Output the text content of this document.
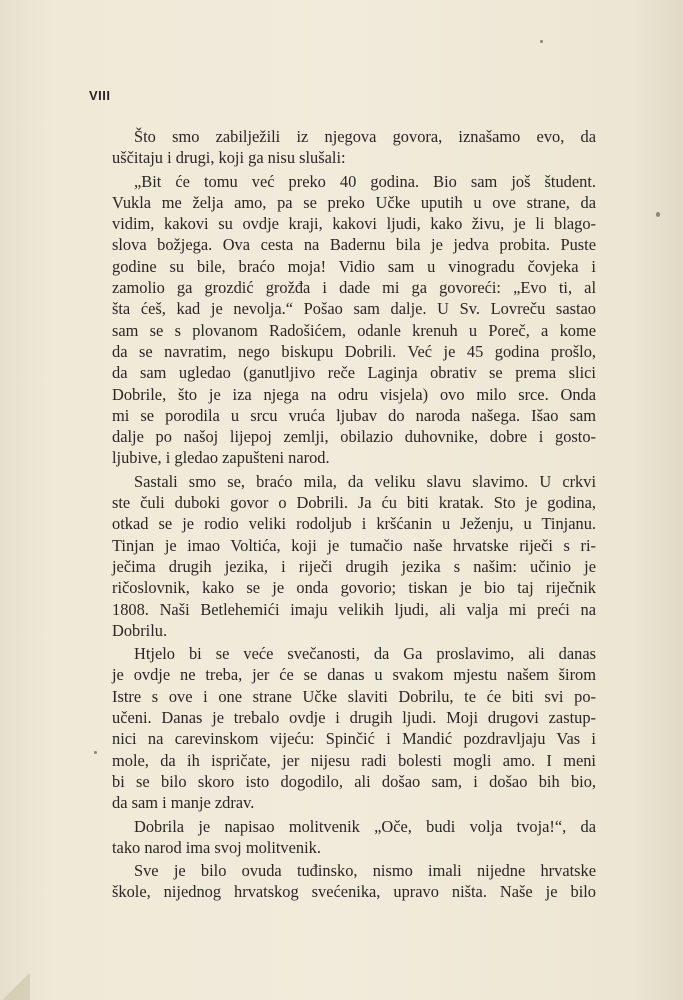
VIII

Što smo zabilježili iz njegova govora, iznašamo evo, da
uščitaju i drugi, koji ga nisu slušali:

„Bit će tomu već preko 40 godina. Bio sam još študent.
Vukla me želja amo, pa se preko Učke uputih u ove strane, da
vidim, kakovi su ovdje kraji, kakovi ljudi, kako živu, je li blago-
slova božjega. Ova cesta na Badernu bila je jedva probita. Puste
godine su bile, braćo moja! Vidio sam u vinogradu čovjeka i
zamolio ga grozdić grožđa i dade mi ga govoreći: „Evo ti, al
šta ćeš, kad je nevolja.“ Pošao sam dalje. U Sv. Lovreču sastao
sam se s plovanom Radošićem, odanle krenuh u Poreč, a kome
da se navratim, nego biskupu Dobrili. Već je 45 godina prošlo,
da sam ugledao (ganutljivo reče Laginja obrativ se prema slici
Dobrile, što je iza njega na odru visjela) ovo milo srce. Onda
mi se porodila u srcu vruća ljubav do naroda našega. Išao sam
dalje po našoj lijepoj zemlji, obilazio duhovnike, dobre i gosto-
ljubive, i gledao zapušteni narod.

Sastali smo se, braćo mila, da veliku slavu slavimo. U crkvi
ste čuli duboki govor o Dobrili. Ja ću biti kratak. Sto je godina,
otkad se je rodio veliki rodoljub i kršćanin u Ježenju, u Tinjanu.
Tinjan je imao Voltića, koji je tumačio naše hrvatske riječi s ri-
ječima drugih jezika, i riječi drugih jezika s našim: učinio je
ričoslovnik, kako se je onda govorio; tiskan je bio taj riječnik
1808. Naši Betlehemići imaju velikih ljudi, ali valja mi preći na
Dobrilu.

Htjelo bi se veće svečanosti, da Ga proslavimo, ali danas
je ovdje ne treba, jer će se danas u svakom mjestu našem širom
Istre s ove i one strane Učke slaviti Dobrilu, te će biti svi po-
učeni. Danas je trebalo ovdje i drugih ljudi. Moji drugovi zastup-
nici na carevinskom vijeću: Spinčić i Mandić pozdravljaju Vas i
mole, da ih ispričate, jer nijesu radi bolesti mogli amo. I meni
bi se bilo skoro isto dogodilo, ali došao sam, i došao bih bio,
da sam i manje zdrav.

Dobrila je napisao molitvenik „Oče, budi volja tvoja!“, da
tako narod ima svoj molitvenik.

Sve je bilo ovuda tuđinsko, nismo imali nijedne hrvatske
škole, nijednog hrvatskog svećenika, upravo ništa. Naše je bilo
